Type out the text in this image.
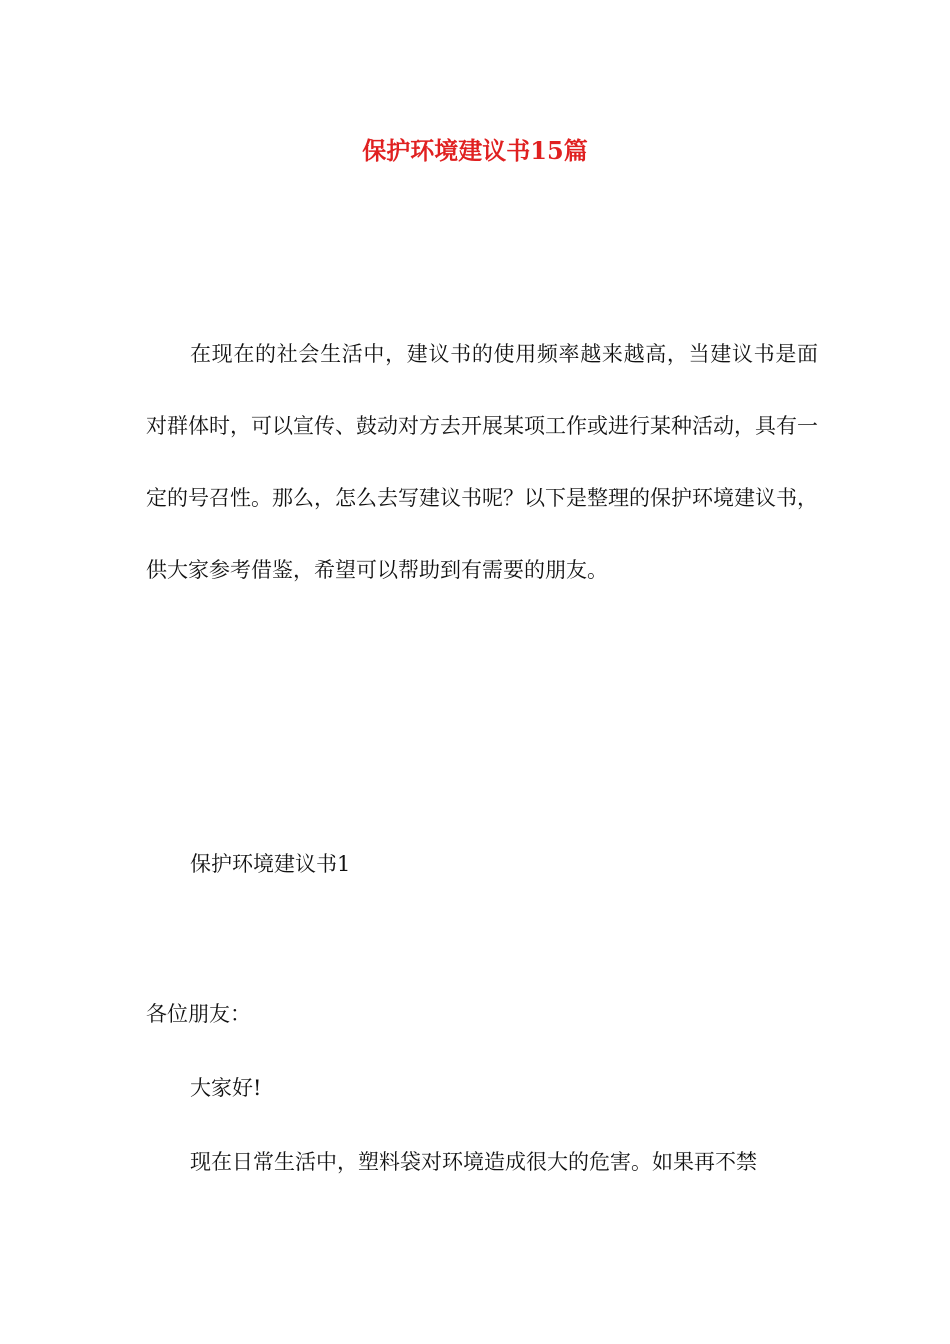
保护环境建议书15篇

在现在的社会生活中，建议书的使用频率越来越高，当建议书是面对群体时，可以宣传、鼓动对方去开展某项工作或进行某种活动，具有一定的号召性。那么，怎么去写建议书呢？以下是整理的保护环境建议书，供大家参考借鉴，希望可以帮助到有需要的朋友。

保护环境建议书1

各位朋友：

大家好!

现在日常生活中，塑料袋对环境造成很大的危害。如果再不禁
